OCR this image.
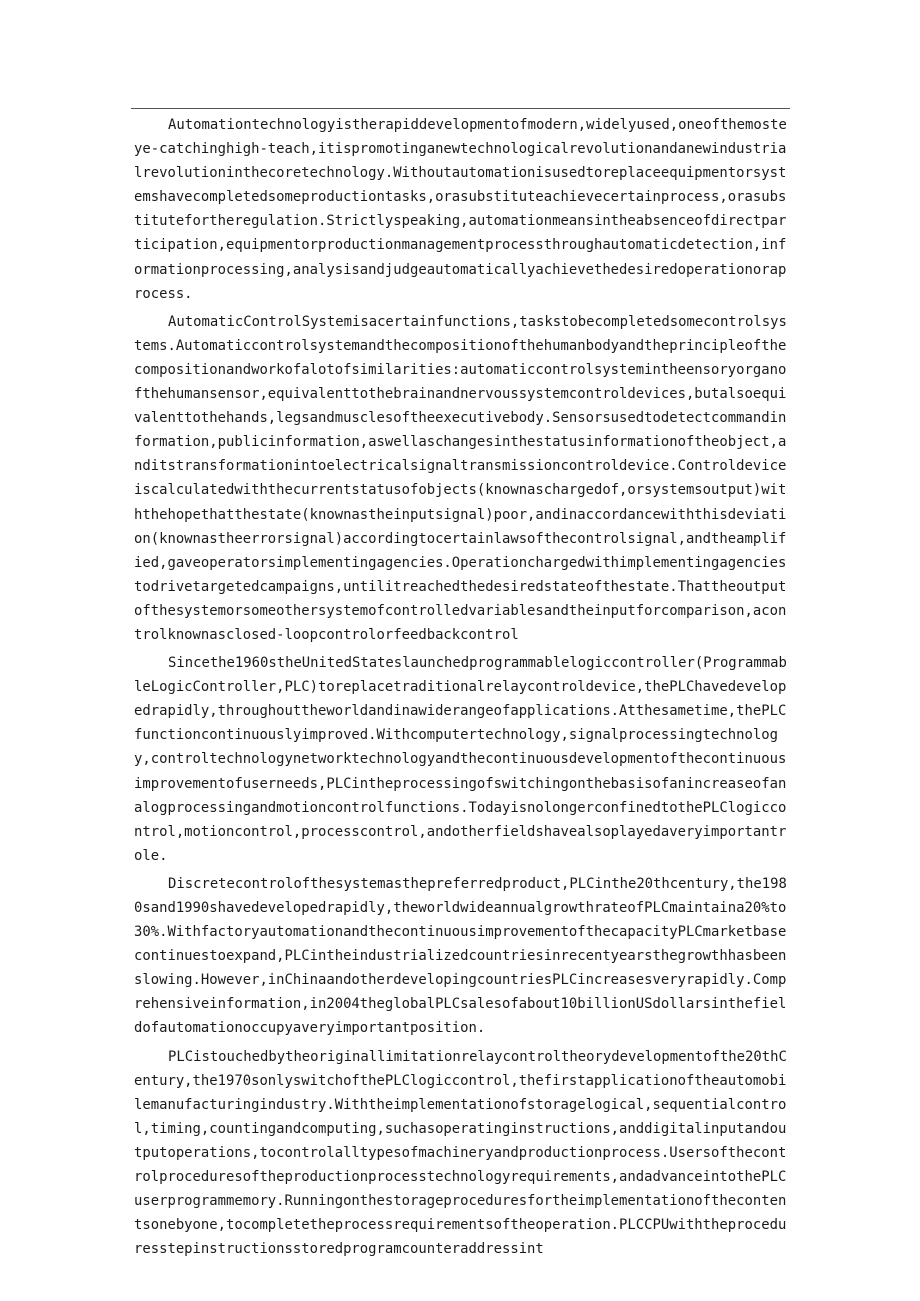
Automationtechnologyistherapiddevelopmentofmodern,widelyused,oneofthemosteye-catchinghigh-teach,itispromotinganewtechnologicalrevolutionandanewindustrialrevolutioninthecoretechnology.Withoutautomationisusedtoreplaceequipmentorsystemshavecompletedsomeproductiontasks,orasubstituteachievecertainprocess,orasubstitutefortheregulation.Strictlyspeaking,automationmeansintheabsenceofdirectparticipation,equipmentorproductionmanagementprocessthroughautomaticdetection,informationprocessing,analysisandjudgeautomaticallyachievethedesiredoperationoraprocess.

AutomaticControlSystemisacertainfunctions,taskstobecompletedsomecontrolsystems.Automaticcontrolsystemandthecompositionofthehumanbodyandtheprincipleofthecompositionandworkofalotofsimilarities:automaticcontrolsystemintheensoryorganofthehumansensor,equivalenttothebrainandnervoussystemcontroldevices,butalsoequivalenttothehands,legsandmusclesoftheexecutivebody.Sensorsusedtodetectcommandinformation,publicinformation,aswellaschangesinthestatusinformationoftheobject,anditstransformationintoelectricalsignaltransmissioncontroldevice.Controldeviceiscalculatedwiththecurrentstatusofobjects(knownaschargedof,orsystemsoutput)withthehopethatthestate(knownastheinputsignal)poor,andinaccordancewiththisdeviation(knownastheerrorsignal)accordingtocertainlawsofthecontrolsignal,andtheamplified,gaveoperatorsimplementingagencies.Operationchargedwithimplementingagenciestodrivetargetedcampaigns,untilitreachedthedesiredstateofthestate.Thattheoutputofthesystemorsomeothersystemofcontrolledvariablesandtheinputforcomparison,acontrolknownasclosed-loopcontrolorfeedbackcontrol

Sincethe1960stheUnitedStateslaunchedprogrammablelogiccontroller(ProgrammableLogicController,PLC)toreplacetraditionalrelaycontroldevice,thePLChavedevelopedrapidly,throughouttheworldandinawiderangeofapplications.Atthesametime,thePLCfunctioncontinuouslyimproved.Withcomputertechnology,signalprocessingtechnology,controltechnologynetworktechnologyandthecontinuousdevelopmentofthecontinuousimprovementofuserneeds,PLCintheprocessingofswitchingonthebasisofanincreaseofanalogprocessingandmotioncontrolfunctions.TodayisnolongerconfinedtothePLClogiccontrol,motioncontrol,processcontrol,andotherfieldshavealsoplayedaveryimportantrole.

Discretecontrolofthesystemasthepreferredproduct,PLCinthe20thcentury,the1980sand1990shavedevelopedrapidly,theworldwideannualgrowthrateofPLCmaintaina20%to30%.WithfactoryautomationandthecontinuousimprovementofthecapacityPLCmarketbasecontinuestoexpand,PLCintheindustrializedcountriesinrecentyearsthegrowthhasbeenslowing.However,inChinaandotherdevelopingcountriesPLCincreasesveryrapidly.Comprehensiveinformation,in2004theglobalPLCsalesofabout10billionUSdollarsinthefieldofautomationoccupyaveryimportantposition.

PLCistouchedbytheoriginallimitationrelaycontroltheorydevelopmentofthe20thCentury,the1970sonlyswitchofthePLClogiccontrol,thefirstapplicationoftheautomobilemanufacturingindustry.Withtheimplementationofstoragelogical,sequentialcontrol,timing,countingandcomputing,suchasoperatinginstructions,anddigitalinputandoutputoperations,tocontrolalltypesofmachineryandproductionprocess.Usersofthecontrolproceduresoftheproductionprocesstechnologyrequirements,andadvanceintothePLCuserprogrammemory.Runningonthestorageproceduresfortheimplementationofthecontentsonebyone,tocompletetheprocessrequirementsoftheoperation.PLCCPUwiththeproceduresstepinstructionsstoredprogramcounteraddressint
